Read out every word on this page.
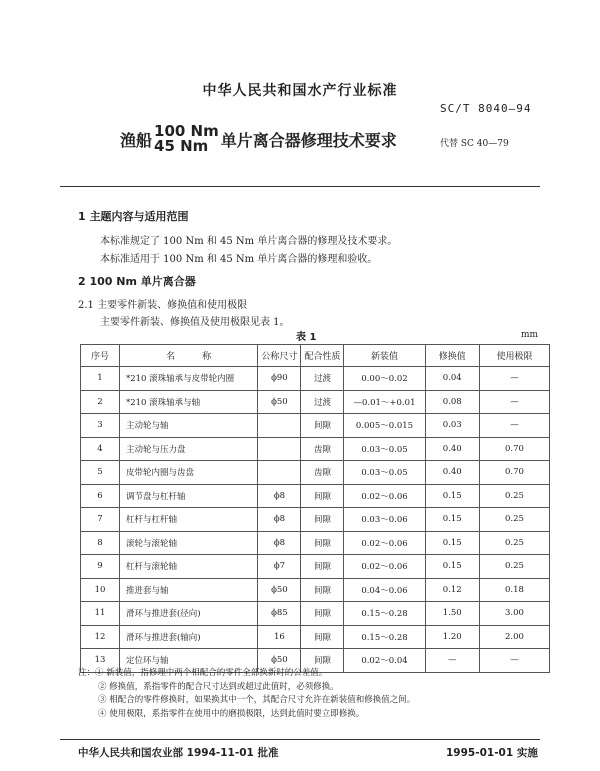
中华人民共和国水产行业标准
SC/T 8040—94
渔船 100 Nm
45 Nm 单片离合器修理技术要求	代替 SC 40—79
1 主题内容与适用范围
本标准规定了 100 Nm 和 45 Nm 单片离合器的修理及技术要求。
本标准适用于 100 Nm 和 45 Nm 单片离合器的修理和验收。
2 100 Nm 单片离合器
2.1 主要零件新装、修换值和使用极限
主要零件新装、修换值及使用极限见表 1。
表 1	mm
序号	名　　　称	公称尺寸	配合性质	新装值	修换值	使用极限
1	*210 滚珠轴承与皮带轮内圈	ϕ90	过渡	0.00～0.02	0.04	—
2	*210 滚珠轴承与轴	ϕ50	过渡	—0.01～+0.01	0.08	—
3	主动轮与轴		间隙	0.005～0.015	0.03	—
4	主动轮与压力盘		齿隙	0.03～0.05	0.40	0.70
5	皮带轮内圈与齿盘		齿隙	0.03～0.05	0.40	0.70
6	调节盘与杠杆轴	ϕ8	间隙	0.02～0.06	0.15	0.25
7	杠杆与杠杆轴	ϕ8	间隙	0.03～0.06	0.15	0.25
8	滚轮与滚轮轴	ϕ8	间隙	0.02～0.06	0.15	0.25
9	杠杆与滚轮轴	ϕ7	间隙	0.02～0.06	0.15	0.25
10	推进套与轴	ϕ50	间隙	0.04～0.06	0.12	0.18
11	滑环与推进套(径向)	ϕ85	间隙	0.15～0.28	1.50	3.00
12	滑环与推进套(轴向)	16	间隙	0.15～0.28	1.20	2.00
13	定位环与轴	ϕ50	间隙	0.02～0.04	—	—
注：① 新装值，指修理中两个相配合的零件全部换新时的公差值。
② 修换值，系指零件的配合尺寸达到或超过此值时，必须修换。
③ 相配合的零件修换时，如果换其中一个，其配合尺寸允许在新装值和修换值之间。
④ 使用极限，系指零件在使用中的磨损极限，达到此值时要立即修换。
中华人民共和国农业部 1994-11-01 批准	1995-01-01 实施
